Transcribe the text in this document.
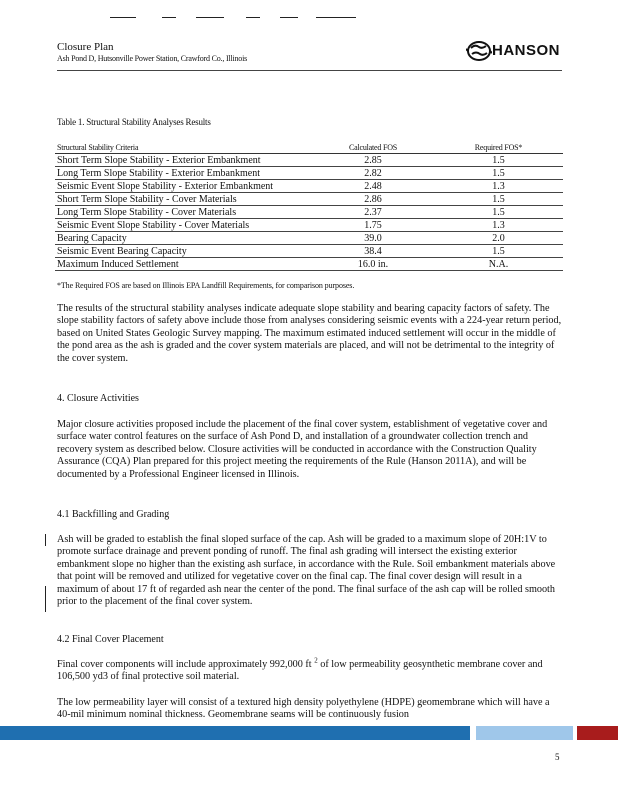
Closure Plan
Ash Pond D, Hutsonville Power Station, Crawford Co., Illinois	HANSON
Table 1. Structural Stability Analyses Results
Structural Stability Criteria	Calculated FOS	Required FOS*
Short Term Slope Stability - Exterior Embankment	2.85	1.5
Long Term Slope Stability - Exterior Embankment	2.82	1.5
Seismic Event Slope Stability - Exterior Embankment	2.48	1.3
Short Term Slope Stability - Cover Materials	2.86	1.5
Long Term Slope Stability - Cover Materials	2.37	1.5
Seismic Event Slope Stability - Cover Materials	1.75	1.3
Bearing Capacity	39.0	2.0
Seismic Event Bearing Capacity	38.4	1.5
Maximum Induced Settlement	16.0 in.	N.A.
*The Required FOS are based on Illinois EPA Landfill Requirements, for comparison purposes.

The results of the structural stability analyses indicate adequate slope stability and bearing capacity factors of safety. The slope stability factors of safety above include those from analyses considering seismic events with a 224-year return period, based on United States Geologic Survey mapping. The maximum estimated induced settlement will occur in the middle of the pond area as the ash is graded and the cover system materials are placed, and will not be detrimental to the integrity of the cover system.

4. Closure Activities

Major closure activities proposed include the placement of the final cover system, establishment of vegetative cover and surface water control features on the surface of Ash Pond D, and installation of a groundwater collection trench and recovery system as described below. Closure activities will be conducted in accordance with the Construction Quality Assurance (CQA) Plan prepared for this project meeting the requirements of the Rule (Hanson 2011A), and will be documented by a Professional Engineer licensed in Illinois.

4.1 Backfilling and Grading

Ash will be graded to establish the final sloped surface of the cap. Ash will be graded to a maximum slope of 20H:1V to promote surface drainage and prevent ponding of runoff. The final ash grading will intersect the existing exterior embankment slope no higher than the existing ash surface, in accordance with the Rule. Soil embankment materials above that point will be removed and utilized for vegetative cover on the final cap. The final cover design will result in a maximum of about 17 ft of regarded ash near the center of the pond. The final surface of the ash cap will be rolled smooth prior to the placement of the final cover system.

4.2 Final Cover Placement

Final cover components will include approximately 992,000 ft $^2$ of low permeability geosynthetic membrane cover and 106,500 yd3 of final protective soil material.

The low permeability layer will consist of a textured high density polyethylene (HDPE) geomembrane which will have a 40-mil minimum nominal thickness. Geomembrane seams will be continuously fusion

5
